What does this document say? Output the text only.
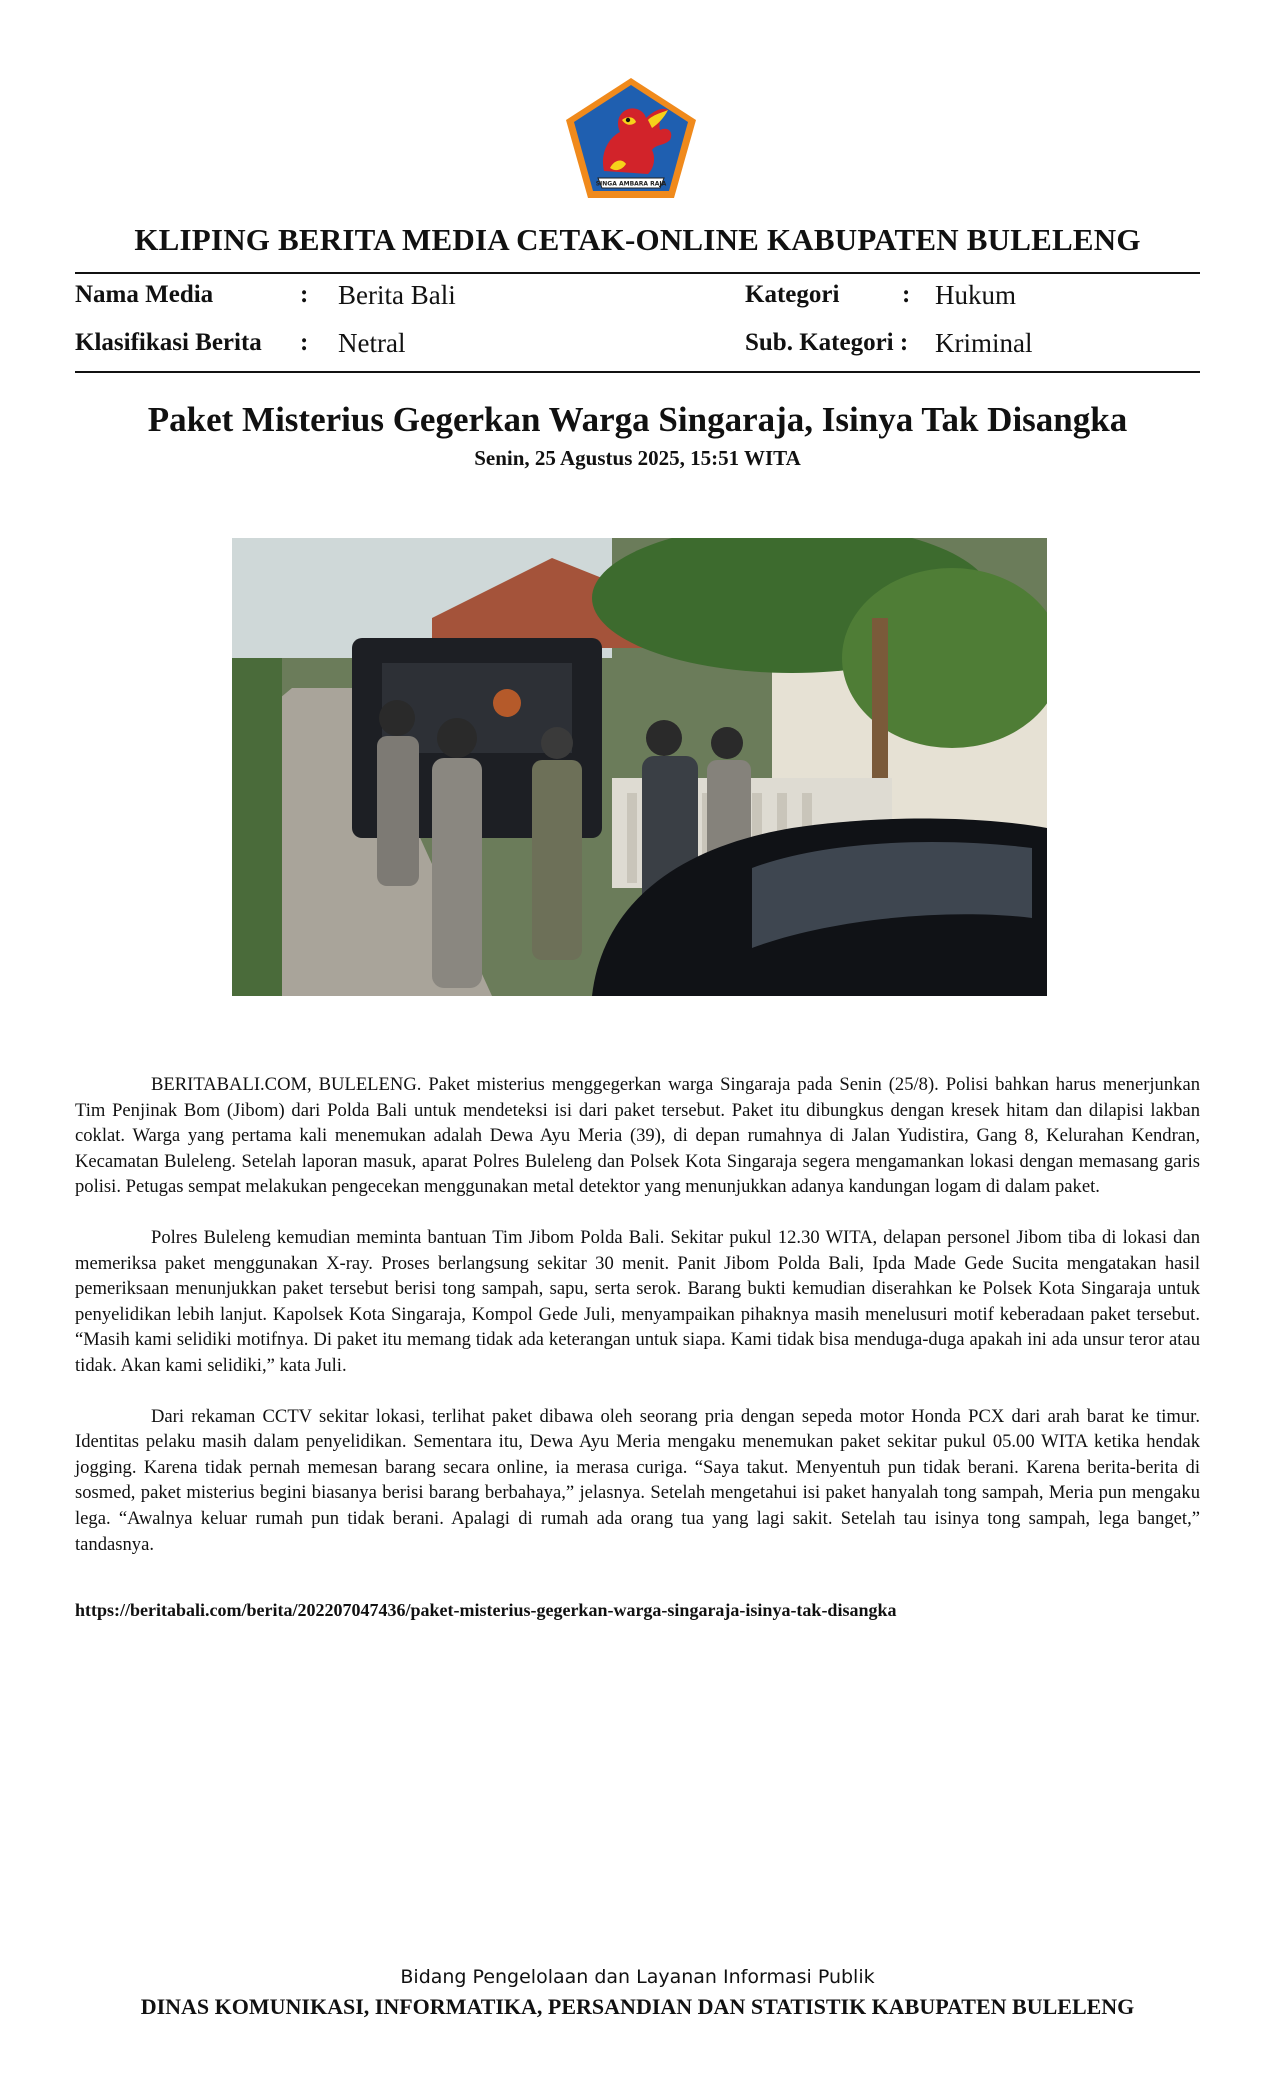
SINGA AMBARA RAJA
KLIPING BERITA MEDIA CETAK-ONLINE KABUPATEN BULELENG
Nama Media	: Berita Bali	Kategori	: Hukum
Klasifikasi Berita : Netral	Sub. Kategori : Kriminal
Paket Misterius Gegerkan Warga Singaraja, Isinya Tak Disangka
Senin, 25 Agustus 2025, 15:51 WITA

BERITABALI.COM, BULELENG. Paket misterius menggegerkan warga Singaraja pada Senin (25/8). Polisi bahkan harus menerjunkan Tim Penjinak Bom (Jibom) dari Polda Bali untuk mendeteksi isi dari paket tersebut. Paket itu dibungkus dengan kresek hitam dan dilapisi lakban coklat. Warga yang pertama kali menemukan adalah Dewa Ayu Meria (39), di depan rumahnya di Jalan Yudistira, Gang 8, Kelurahan Kendran, Kecamatan Buleleng. Setelah laporan masuk, aparat Polres Buleleng dan Polsek Kota Singaraja segera mengamankan lokasi dengan memasang garis polisi. Petugas sempat melakukan pengecekan menggunakan metal detektor yang menunjukkan adanya kandungan logam di dalam paket.

Polres Buleleng kemudian meminta bantuan Tim Jibom Polda Bali. Sekitar pukul 12.30 WITA, delapan personel Jibom tiba di lokasi dan memeriksa paket menggunakan X-ray. Proses berlangsung sekitar 30 menit. Panit Jibom Polda Bali, Ipda Made Gede Sucita mengatakan hasil pemeriksaan menunjukkan paket tersebut berisi tong sampah, sapu, serta serok. Barang bukti kemudian diserahkan ke Polsek Kota Singaraja untuk penyelidikan lebih lanjut. Kapolsek Kota Singaraja, Kompol Gede Juli, menyampaikan pihaknya masih menelusuri motif keberadaan paket tersebut. “Masih kami selidiki motifnya. Di paket itu memang tidak ada keterangan untuk siapa. Kami tidak bisa menduga-duga apakah ini ada unsur teror atau tidak. Akan kami selidiki,” kata Juli.

Dari rekaman CCTV sekitar lokasi, terlihat paket dibawa oleh seorang pria dengan sepeda motor Honda PCX dari arah barat ke timur. Identitas pelaku masih dalam penyelidikan. Sementara itu, Dewa Ayu Meria mengaku menemukan paket sekitar pukul 05.00 WITA ketika hendak jogging. Karena tidak pernah memesan barang secara online, ia merasa curiga. “Saya takut. Menyentuh pun tidak berani. Karena berita-berita di sosmed, paket misterius begini biasanya berisi barang berbahaya,” jelasnya. Setelah mengetahui isi paket hanyalah tong sampah, Meria pun mengaku lega. “Awalnya keluar rumah pun tidak berani. Apalagi di rumah ada orang tua yang lagi sakit. Setelah tau isinya tong sampah, lega banget,” tandasnya.

https://beritabali.com/berita/202207047436/paket-misterius-gegerkan-warga-singaraja-isinya-tak-disangka
Bidang Pengelolaan dan Layanan Informasi Publik
DINAS KOMUNIKASI, INFORMATIKA, PERSANDIAN DAN STATISTIK KABUPATEN BULELENG
